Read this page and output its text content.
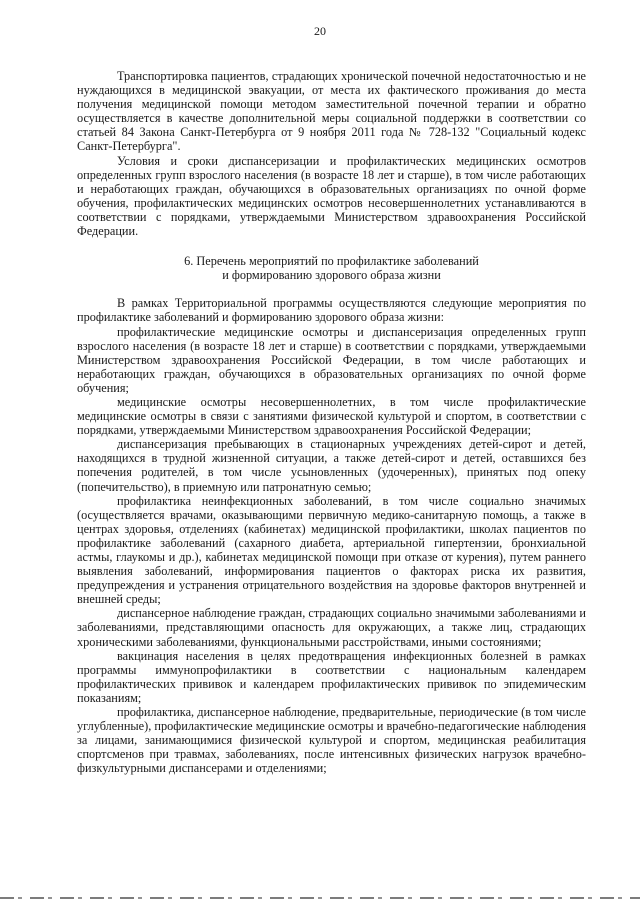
20

Транспортировка пациентов, страдающих хронической почечной недостаточностью и не нуждающихся в медицинской эвакуации, от места их фактического проживания до места получения медицинской помощи методом заместительной почечной терапии и обратно осуществляется в качестве дополнительной меры социальной поддержки в соответствии со статьей 84 Закона Санкт-Петербурга от 9 ноября 2011 года № 728-132 "Социальный кодекс Санкт-Петербурга".

Условия и сроки диспансеризации и профилактических медицинских осмотров определенных групп взрослого населения (в возрасте 18 лет и старше), в том числе работающих и неработающих граждан, обучающихся в образовательных организациях по очной форме обучения, профилактических медицинских осмотров несовершеннолетних устанавливаются в соответствии с порядками, утверждаемыми Министерством здравоохранения Российской Федерации.

6. Перечень мероприятий по профилактике заболеваний
и формированию здорового образа жизни

В рамках Территориальной программы осуществляются следующие мероприятия по профилактике заболеваний и формированию здорового образа жизни:

профилактические медицинские осмотры и диспансеризация определенных групп взрослого населения (в возрасте 18 лет и старше) в соответствии с порядками, утверждаемыми Министерством здравоохранения Российской Федерации, в том числе работающих и неработающих граждан, обучающихся в образовательных организациях по очной форме обучения;

медицинские осмотры несовершеннолетних, в том числе профилактические медицинские осмотры в связи с занятиями физической культурой и спортом, в соответствии с порядками, утверждаемыми Министерством здравоохранения Российской Федерации;

диспансеризация пребывающих в стационарных учреждениях детей-сирот и детей, находящихся в трудной жизненной ситуации, а также детей-сирот и детей, оставшихся без попечения родителей, в том числе усыновленных (удочеренных), принятых под опеку (попечительство), в приемную или патронатную семью;

профилактика неинфекционных заболеваний, в том числе социально значимых (осуществляется врачами, оказывающими первичную медико-санитарную помощь, а также в центрах здоровья, отделениях (кабинетах) медицинской профилактики, школах пациентов по профилактике заболеваний (сахарного диабета, артериальной гипертензии, бронхиальной астмы, глаукомы и др.), кабинетах медицинской помощи при отказе от курения), путем раннего выявления заболеваний, информирования пациентов о факторах риска их развития, предупреждения и устранения отрицательного воздействия на здоровье факторов внутренней и внешней среды;

диспансерное наблюдение граждан, страдающих социально значимыми заболеваниями и заболеваниями, представляющими опасность для окружающих, а также лиц, страдающих хроническими заболеваниями, функциональными расстройствами, иными состояниями;

вакцинация населения в целях предотвращения инфекционных болезней в рамках программы иммунопрофилактики в соответствии с национальным календарем профилактических прививок и календарем профилактических прививок по эпидемическим показаниям;

профилактика, диспансерное наблюдение, предварительные, периодические (в том числе углубленные), профилактические медицинские осмотры и врачебно-педагогические наблюдения за лицами, занимающимися физической культурой и спортом, медицинская реабилитация спортсменов при травмах, заболеваниях, после интенсивных физических нагрузок врачебно-физкультурными диспансерами и отделениями;
